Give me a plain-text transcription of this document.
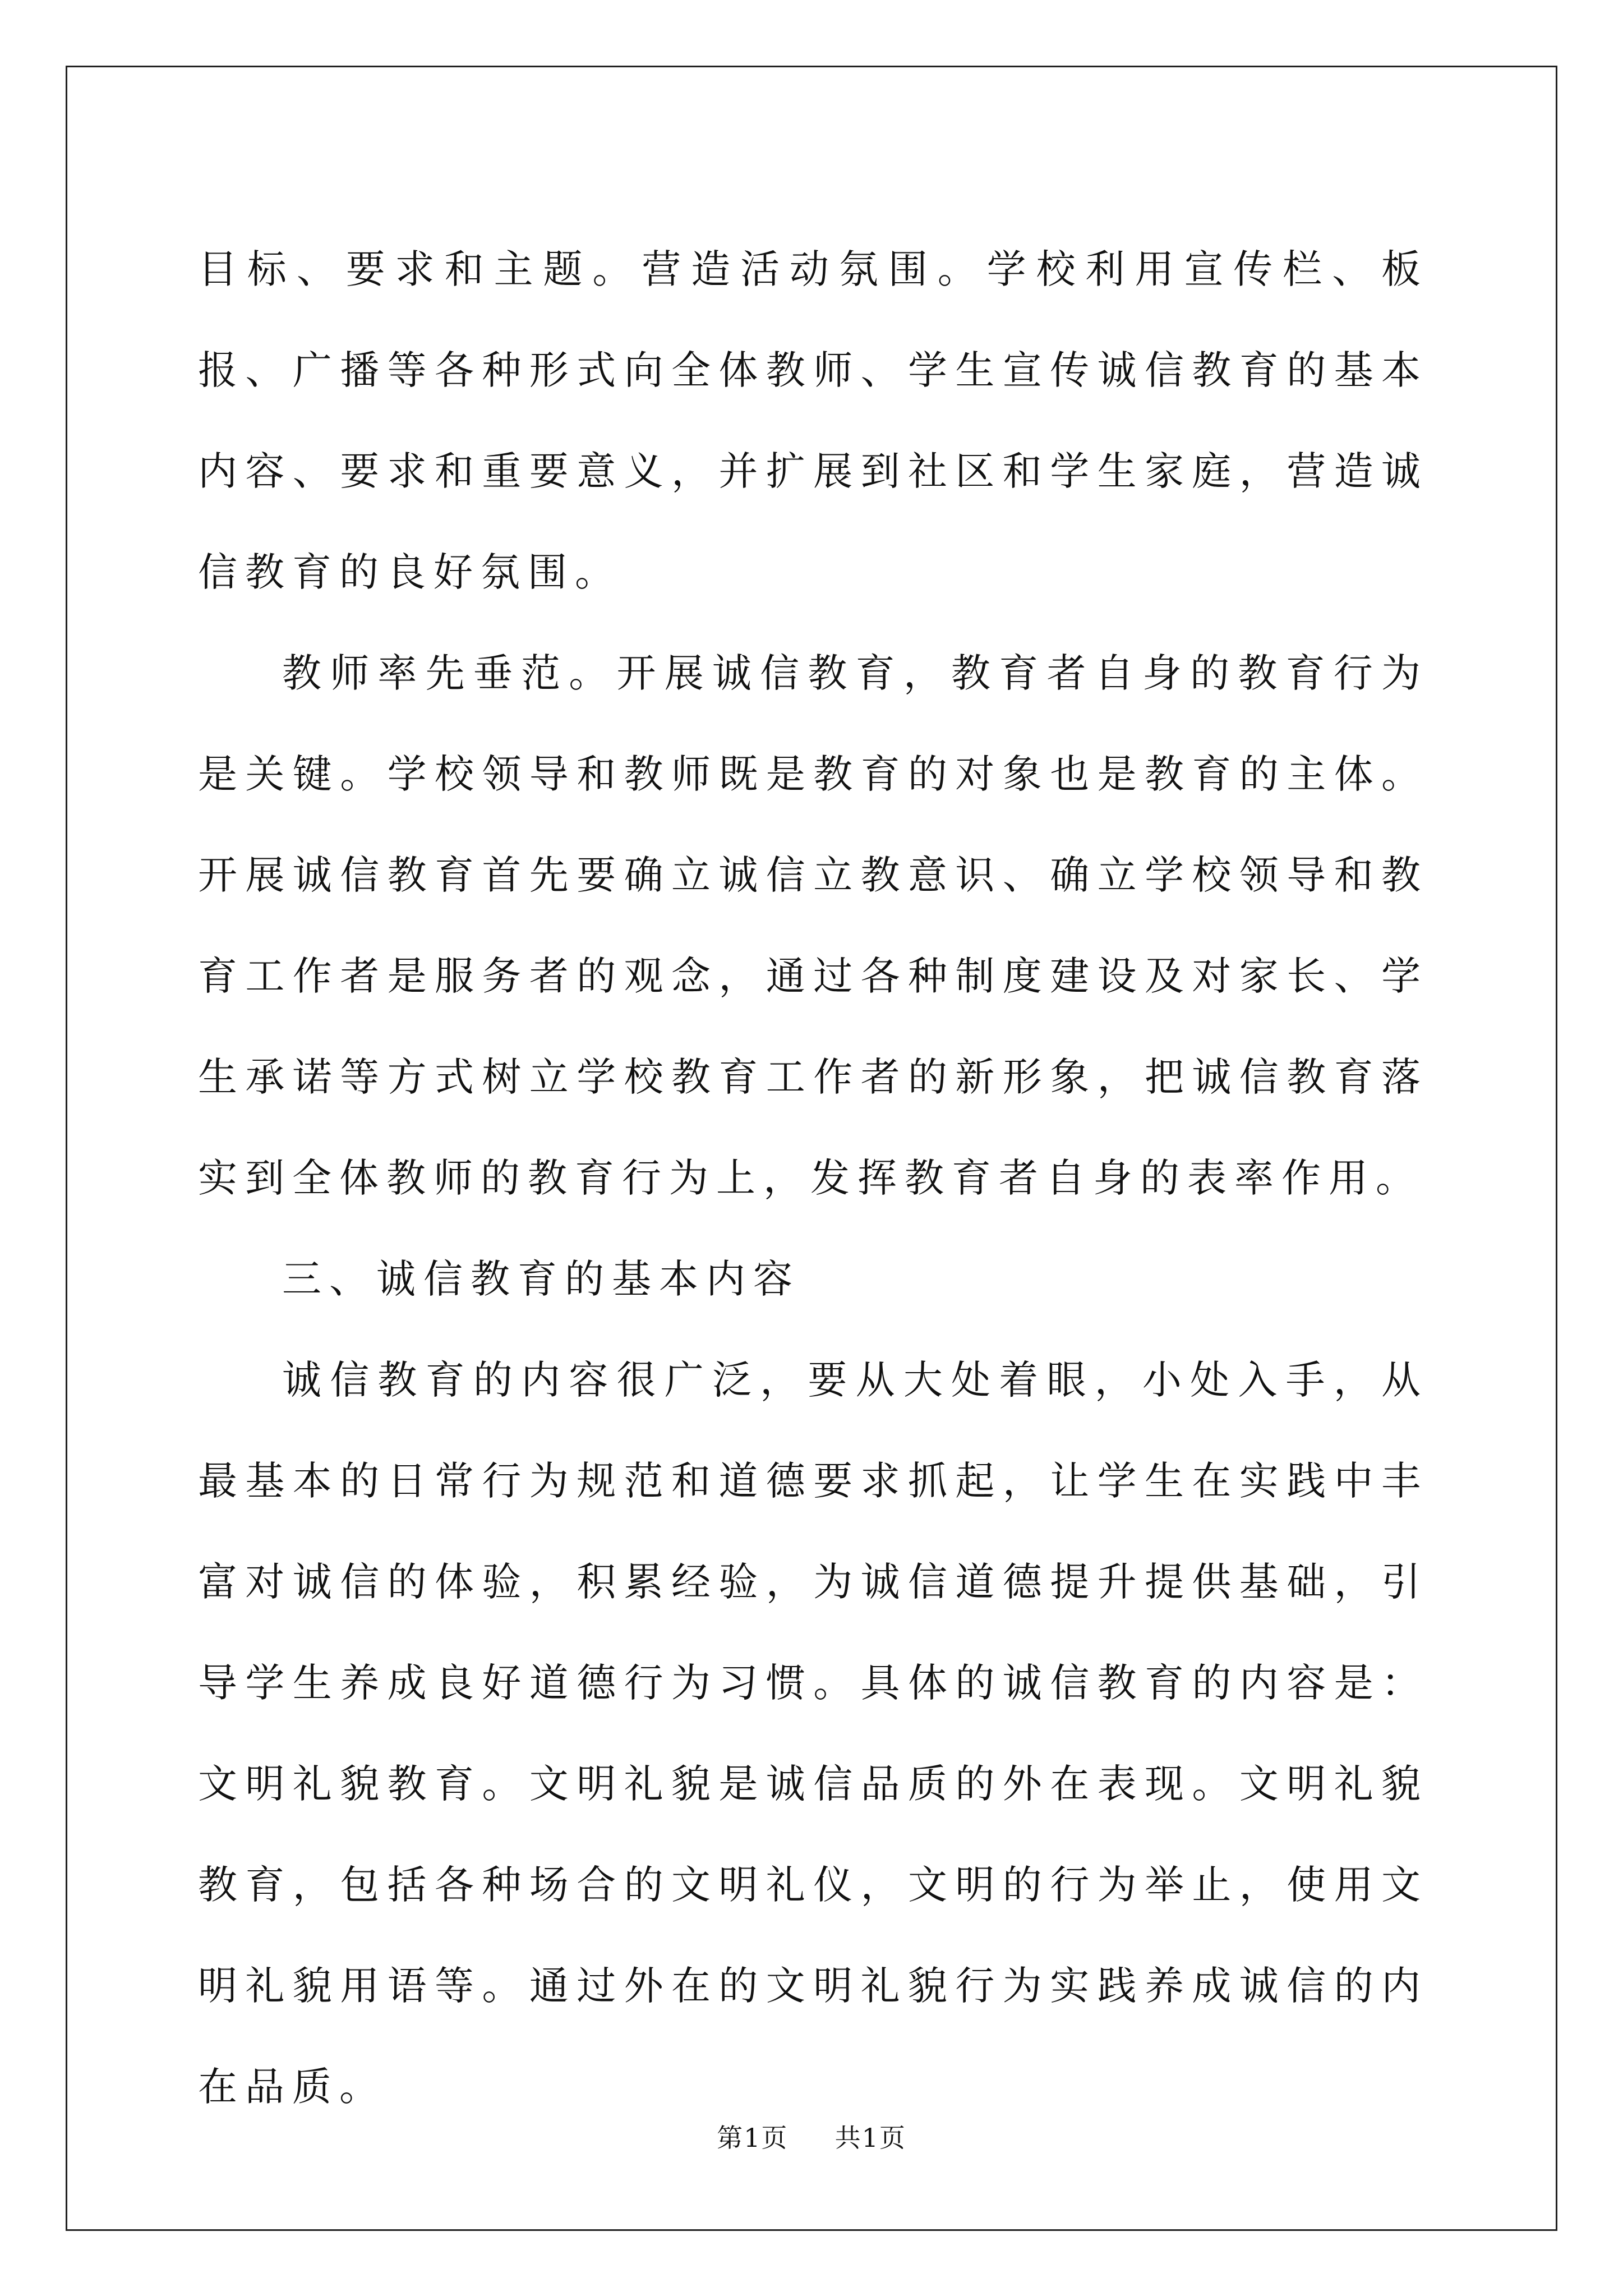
目标、要求和主题。营造活动氛围。学校利用宣传栏、板报、广播等各种形式向全体教师、学生宣传诚信教育的基本内容、要求和重要意义，并扩展到社区和学生家庭，营造诚信教育的良好氛围。

教师率先垂范。开展诚信教育，教育者自身的教育行为是关键。学校领导和教师既是教育的对象也是教育的主体。开展诚信教育首先要确立诚信立教意识、确立学校领导和教育工作者是服务者的观念，通过各种制度建设及对家长、学生承诺等方式树立学校教育工作者的新形象，把诚信教育落实到全体教师的教育行为上，发挥教育者自身的表率作用。

三、诚信教育的基本内容

诚信教育的内容很广泛，要从大处着眼，小处入手，从最基本的日常行为规范和道德要求抓起，让学生在实践中丰富对诚信的体验，积累经验，为诚信道德提升提供基础，引导学生养成良好道德行为习惯。具体的诚信教育的内容是：文明礼貌教育。文明礼貌是诚信品质的外在表现。文明礼貌教育，包括各种场合的文明礼仪，文明的行为举止，使用文明礼貌用语等。通过外在的文明礼貌行为实践养成诚信的内在品质。

第1页 共1页
